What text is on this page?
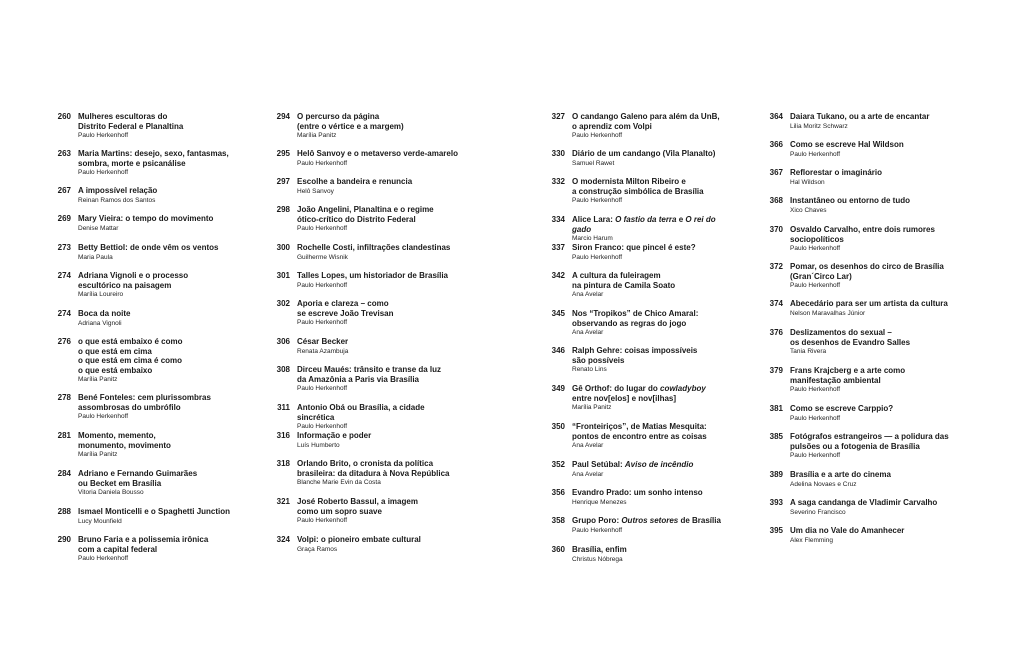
260 Mulheres escultoras do
Distrito Federal e Planaltina
Paulo Herkenhoff
263 Maria Martins: desejo, sexo, fantasmas,
sombra, morte e psicanálise
Paulo Herkenhoff
267 A impossível relação
Reinan Ramos dos Santos
269 Mary Vieira: o tempo do movimento
Denise Mattar
273 Betty Bettiol: de onde vêm os ventos
Maria Paula
274 Adriana Vignoli e o processo
escultórico na paisagem
Marília Loureiro
274 Boca da noite
Adriana Vignoli
276 o que está embaixo é como
o que está em cima
o que está em cima é como
o que está embaixo
Marília Panitz
278 Bené Fonteles: cem plurissombras
assombrosas do umbrófilo
Paulo Herkenhoff
281 Momento, memento,
monumento, movimento
Marília Panitz
284 Adriano e Fernando Guimarães
ou Becket em Brasília
Vitoria Daniela Bousso
288 Ismael Monticelli e o Spaghetti Junction
Lucy Mounfield
290 Bruno Faria e a polissemia irônica
com a capital federal
Paulo Herkenhoff
294 O percurso da página
(entre o vértice e a margem)
Marília Panitz
295 Helô Sanvoy e o metaverso verde-amarelo
Paulo Herkenhoff
297 Escolhe a bandeira e renuncia
Helô Sanvoy
298 João Angelini, Planaltina e o regime
ótico-crítico do Distrito Federal
Paulo Herkenhoff
300 Rochelle Costi, infiltrações clandestinas
Guilherme Wisnik
301 Talles Lopes, um historiador de Brasília
Paulo Herkenhoff
302 Aporia e clareza – como
se escreve João Trevisan
Paulo Herkenhoff
306 César Becker
Renata Azambuja
308 Dirceu Maués: trânsito e transe da luz
da Amazônia a Paris via Brasília
Paulo Herkenhoff
311 Antonio Obá ou Brasília, a cidade sincrética
Paulo Herkenhoff
316 Informação e poder
Luís Humberto
318 Orlando Brito, o cronista da política
brasileira: da ditadura à Nova República
Blanche Marie Evin da Costa
321 José Roberto Bassul, a imagem
como um sopro suave
Paulo Herkenhoff
324 Volpi: o pioneiro embate cultural
Graça Ramos
327 O candango Galeno para além da UnB,
o aprendiz com Volpi
Paulo Herkenhoff
330 Diário de um candango (Vila Planalto)
Samuel Rawet
332 O modernista Milton Ribeiro e
a construção simbólica de Brasília
Paulo Herkenhoff
334 Alice Lara: O fastio da terra e O rei do gado
Marcio Harum
337 Siron Franco: que pincel é este?
Paulo Herkenhoff
342 A cultura da fuleiragem
na pintura de Camila Soato
Ana Avelar
345 Nos “Tropikos” de Chico Amaral:
observando as regras do jogo
Ana Avelar
346 Ralph Gehre: coisas impossíveis
são possíveis
Renato Lins
349 Gê Orthof: do lugar do cowladyboy
entre nov[elos] e nov[ilhas]
Marília Panitz
350 “Fronteiriços”, de Matias Mesquita:
pontos de encontro entre as coisas
Ana Avelar
352 Paul Setúbal: Aviso de incêndio
Ana Avelar
356 Evandro Prado: um sonho intenso
Henrique Menezes
358 Grupo Poro: Outros setores de Brasília
Paulo Herkenhoff
360 Brasília, enfim
Christus Nóbrega
364 Daiara Tukano, ou a arte de encantar
Lilia Moritz Schwarz
366 Como se escreve Hal Wildson
Paulo Herkenhoff
367 Reflorestar o imaginário
Hal Wildson
368 Instantâneo ou entorno de tudo
Xico Chaves
370 Osvaldo Carvalho, entre dois rumores
sociopolíticos
Paulo Herkenhoff
372 Pomar, os desenhos do circo de Brasília
(Gran´Circo Lar)
Paulo Herkenhoff
374 Abecedário para ser um artista da cultura
Nelson Maravalhas Júnior
376 Deslizamentos do sexual –
os desenhos de Evandro Salles
Tania Rivera
379 Frans Krajcberg e a arte como
manifestação ambiental
Paulo Herkenhoff
381 Como se escreve Carppio?
Paulo Herkenhoff
385 Fotógrafos estrangeiros — a polidura das
pulsões ou a fotogenia de Brasília
Paulo Herkenhoff
389 Brasília e a arte do cinema
Adelina Novaes e Cruz
393 A saga candanga de Vladimir Carvalho
Severino Francisco
395 Um dia no Vale do Amanhecer
Alex Flemming
